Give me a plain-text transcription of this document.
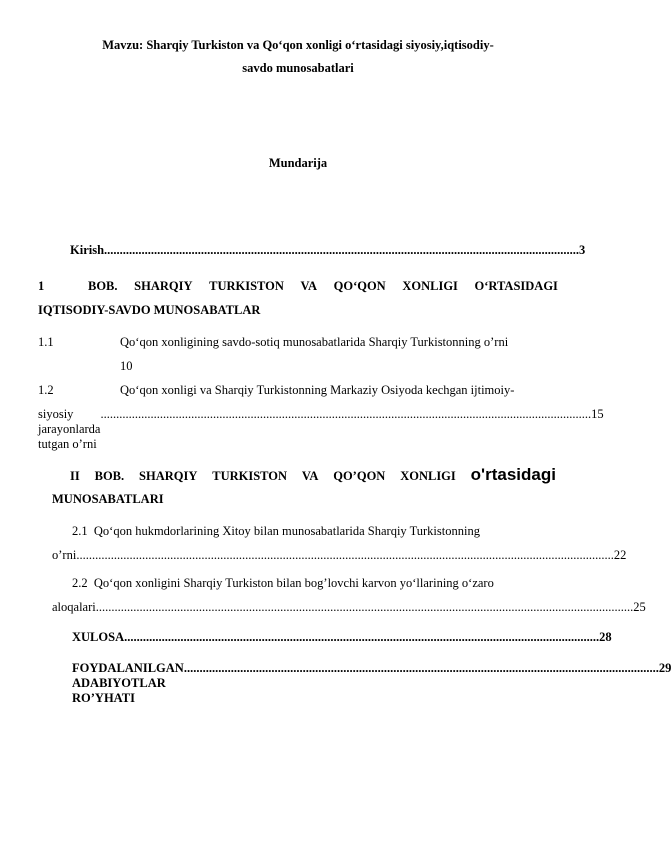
Mavzu: Sharqiy Turkiston va Qo‘qon xonligi o‘rtasidagi siyosiy,iqtisodiy-
savdo munosabatlari
Mundarija
Kirish ........................................................................................................................................................ 3
1	BOB. SHARQIY TURKISTON VA QO‘QON XONLIGI O‘RTASIDAGI
IQTISODIY-SAVDO MUNOSABATLAR
1.1	Qo‘qon xonligining savdo-sotiq munosabatlarida Sharqiy Turkistonning o’rni
10
1.2	Qo‘qon xonligi va Sharqiy Turkistonning Markaziy Osiyoda kechgan ijtimoiy-
siyosiy jarayonlarda tutgan o’rni
............................................................................................................................................................. 15
II BOB. SHARQIY TURKISTON VA QO’QON XONLIGI o'rtasidagi
MUNOSABATLARI
2.1 Qo‘qon hukmdorlarining Xitoy bilan munosabatlarida Sharqiy Turkistonning
o’rni ............................................................................................................................................................................ 22
2.2 Qo‘qon xonligini Sharqiy Turkiston bilan bog’lovchi karvon yo‘llarining o‘zaro
aloqalari ............................................................................................................................................................................ 25
XULOSA ........................................................................................................................................................ 28
FOYDALANILGAN ADABIYOTLAR RO’YHATI
........................................................................................................................................................ 29
